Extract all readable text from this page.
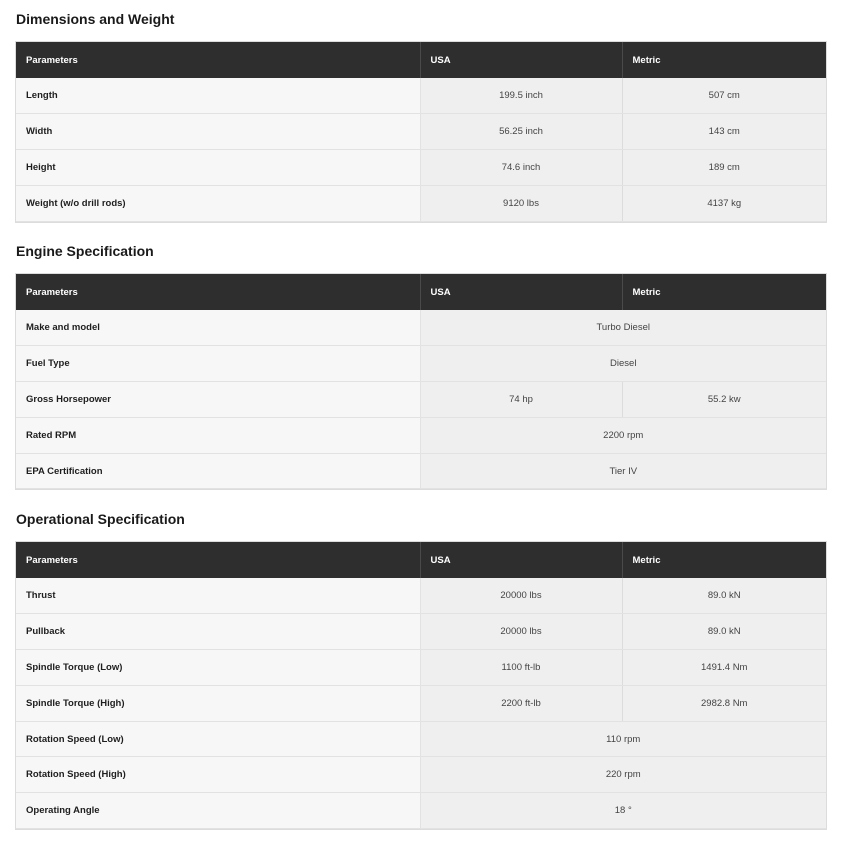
Dimensions and Weight
Parameters	USA	Metric
Length	199.5 inch	507 cm
Width	56.25 inch	143 cm
Height	74.6 inch	189 cm
Weight (w/o drill rods)	9120 lbs	4137 kg
Engine Specification
Parameters	USA	Metric
Make and model	Turbo Diesel	
Fuel Type	Diesel	
Gross Horsepower	74 hp	55.2 kw
Rated RPM	2200 rpm	
EPA Certification	Tier IV	
Operational Specification
Parameters	USA	Metric
Thrust	20000 lbs	89.0 kN
Pullback	20000 lbs	89.0 kN
Spindle Torque (Low)	1100 ft-lb	1491.4 Nm
Spindle Torque (High)	2200 ft-lb	2982.8 Nm
Rotation Speed (Low)	110 rpm	
Rotation Speed (High)	220 rpm	
Operating Angle	18 °	
